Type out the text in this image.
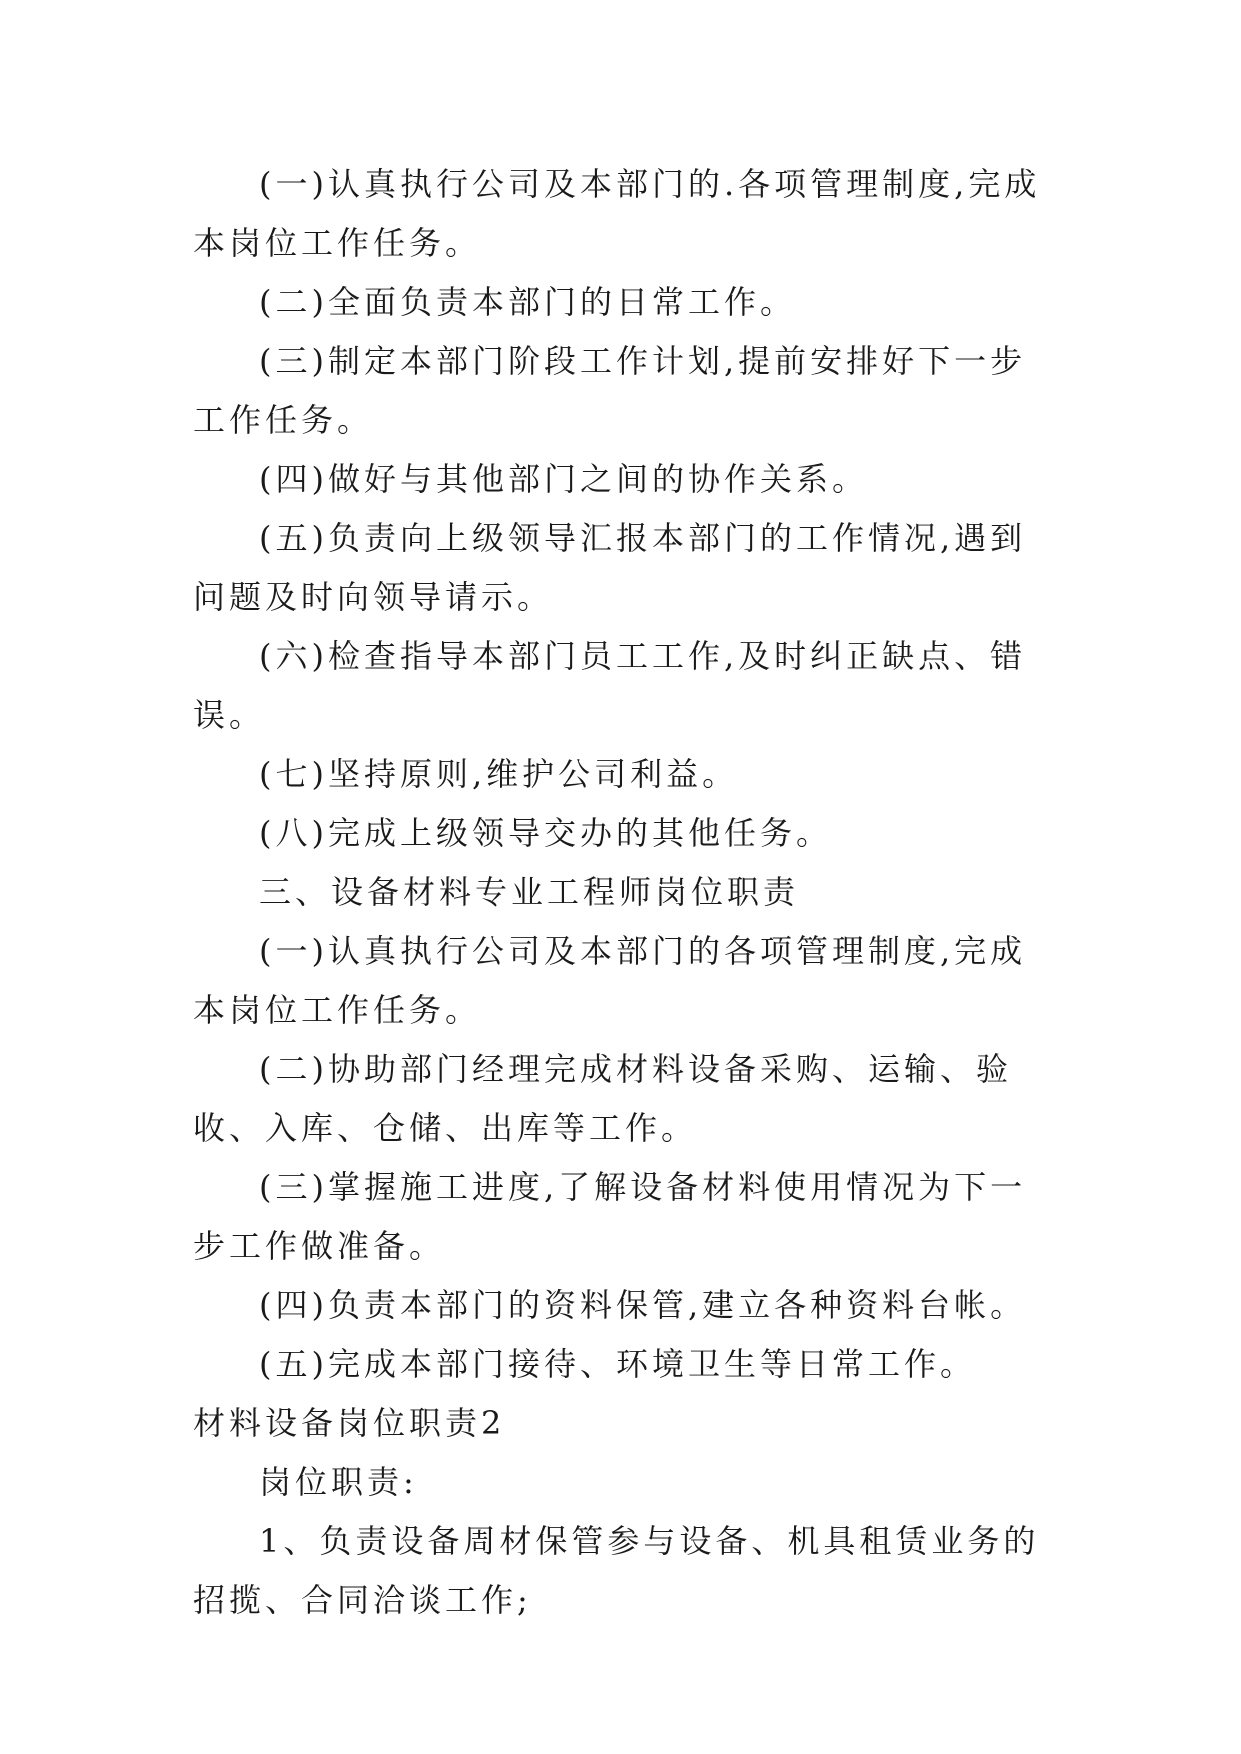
(一)认真执行公司及本部门的.各项管理制度,完成本岗位工作任务。

(二)全面负责本部门的日常工作。

(三)制定本部门阶段工作计划,提前安排好下一步工作任务。

(四)做好与其他部门之间的协作关系。

(五)负责向上级领导汇报本部门的工作情况,遇到问题及时向领导请示。

(六)检查指导本部门员工工作,及时纠正缺点、错误。

(七)坚持原则,维护公司利益。

(八)完成上级领导交办的其他任务。

三、设备材料专业工程师岗位职责

(一)认真执行公司及本部门的各项管理制度,完成本岗位工作任务。

(二)协助部门经理完成材料设备采购、运输、验收、入库、仓储、出库等工作。

(三)掌握施工进度,了解设备材料使用情况为下一步工作做准备。

(四)负责本部门的资料保管,建立各种资料台帐。

(五)完成本部门接待、环境卫生等日常工作。

材料设备岗位职责2

岗位职责:

1、负责设备周材保管参与设备、机具租赁业务的招揽、合同洽谈工作;
